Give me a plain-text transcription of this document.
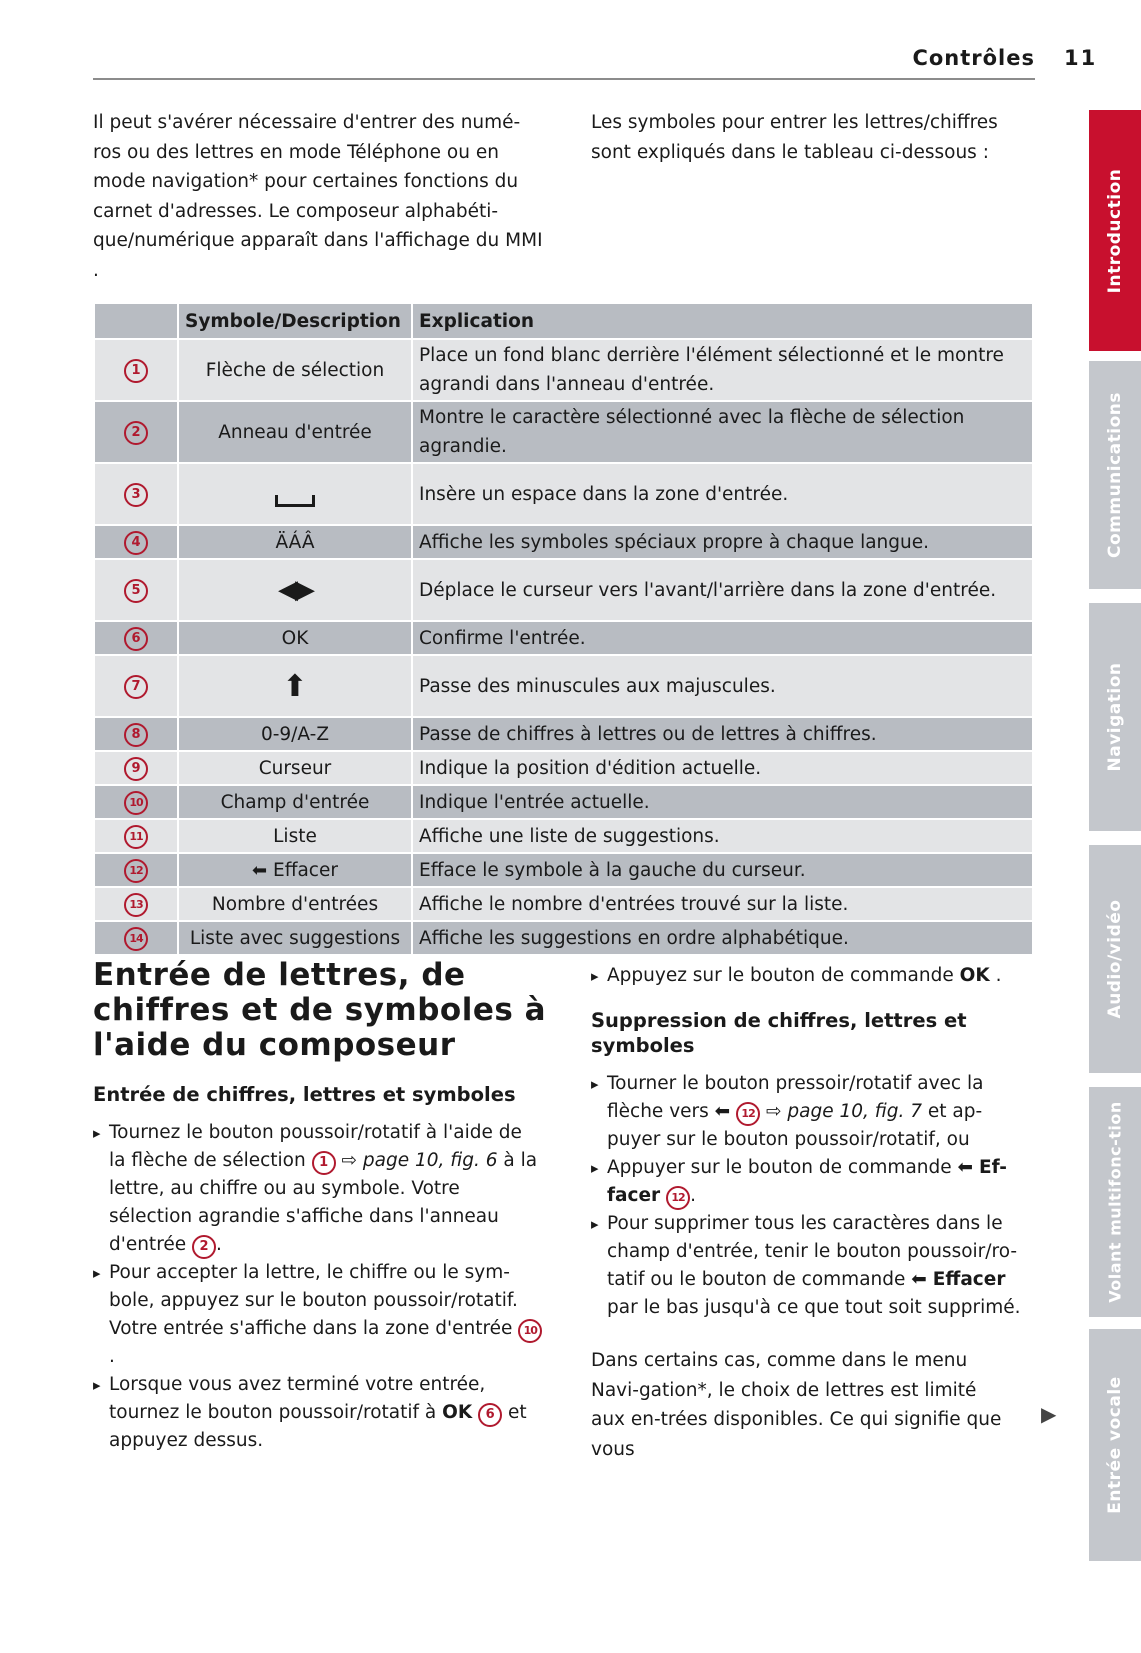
Contrôles 11
Il peut s'avérer nécessaire d'entrer des numé-ros ou des lettres en mode Téléphone ou en mode navigation* pour certaines fonctions du carnet d'adresses. Le composeur alphabéti-que/numérique apparaît dans l'affichage du MMI .
Les symboles pour entrer les lettres/chiffres sont expliqués dans le tableau ci-dessous :
	Symbole/Description	Explication
1	Flèche de sélection	Place un fond blanc derrière l'élément sélectionné et le montre agrandi dans l'anneau d'entrée.
2	Anneau d'entrée	Montre le caractère sélectionné avec la flèche de sélection agrandie.
3		Insère un espace dans la zone d'entrée.
4	ÄÁÂ	Affiche les symboles spéciaux propre à chaque langue.
5	◀▶	Déplace le curseur vers l'avant/l'arrière dans la zone d'entrée.
6	OK	Confirme l'entrée.
7	⬆	Passe des minuscules aux majuscules.
8	0-9/A-Z	Passe de chiffres à lettres ou de lettres à chiffres.
9	Curseur	Indique la position d'édition actuelle.
10	Champ d'entrée	Indique l'entrée actuelle.
11	Liste	Affiche une liste de suggestions.
12	⬅ Effacer	Efface le symbole à la gauche du curseur.
13	Nombre d'entrées	Affiche le nombre d'entrées trouvé sur la liste.
14	Liste avec suggestions	Affiche les suggestions en ordre alphabétique.
Entrée de lettres, de chiffres et de symboles à l'aide du composeur
Entrée de chiffres, lettres et symboles
▸ Tournez le bouton poussoir/rotatif à l'aide de la flèche de sélection 1 ⇨ page 10, fig. 6 à la lettre, au chiffre ou au symbole. Votre sélection agrandie s'affiche dans l'anneau d'entrée 2 .
▸ Pour accepter la lettre, le chiffre ou le sym-bole, appuyez sur le bouton poussoir/rotatif. Votre entrée s'affiche dans la zone d'entrée 10.
▸ Lorsque vous avez terminé votre entrée, tournez le bouton poussoir/rotatif à OK 6 et appuyez dessus.
▸ Appuyez sur le bouton de commande OK .
Suppression de chiffres, lettres et symboles
▸ Tourner le bouton pressoir/rotatif avec la flèche vers ⬅ 12 ⇨ page 10, fig. 7 et ap-puyer sur le bouton poussoir/rotatif, ou
▸ Appuyer sur le bouton de commande ⬅ Ef-facer 12 .
▸ Pour supprimer tous les caractères dans le champ d'entrée, tenir le bouton poussoir/ro-tatif ou le bouton de commande ⬅ Effacer par le bas jusqu'à ce que tout soit supprimé.
Dans certains cas, comme dans le menu Navi-gation*, le choix de lettres est limité aux en-trées disponibles. Ce qui signifie que vous
▶
Introduction
Communications
Navigation
Audio/vidéo
Volant multifonc-tion
Entrée vocale
